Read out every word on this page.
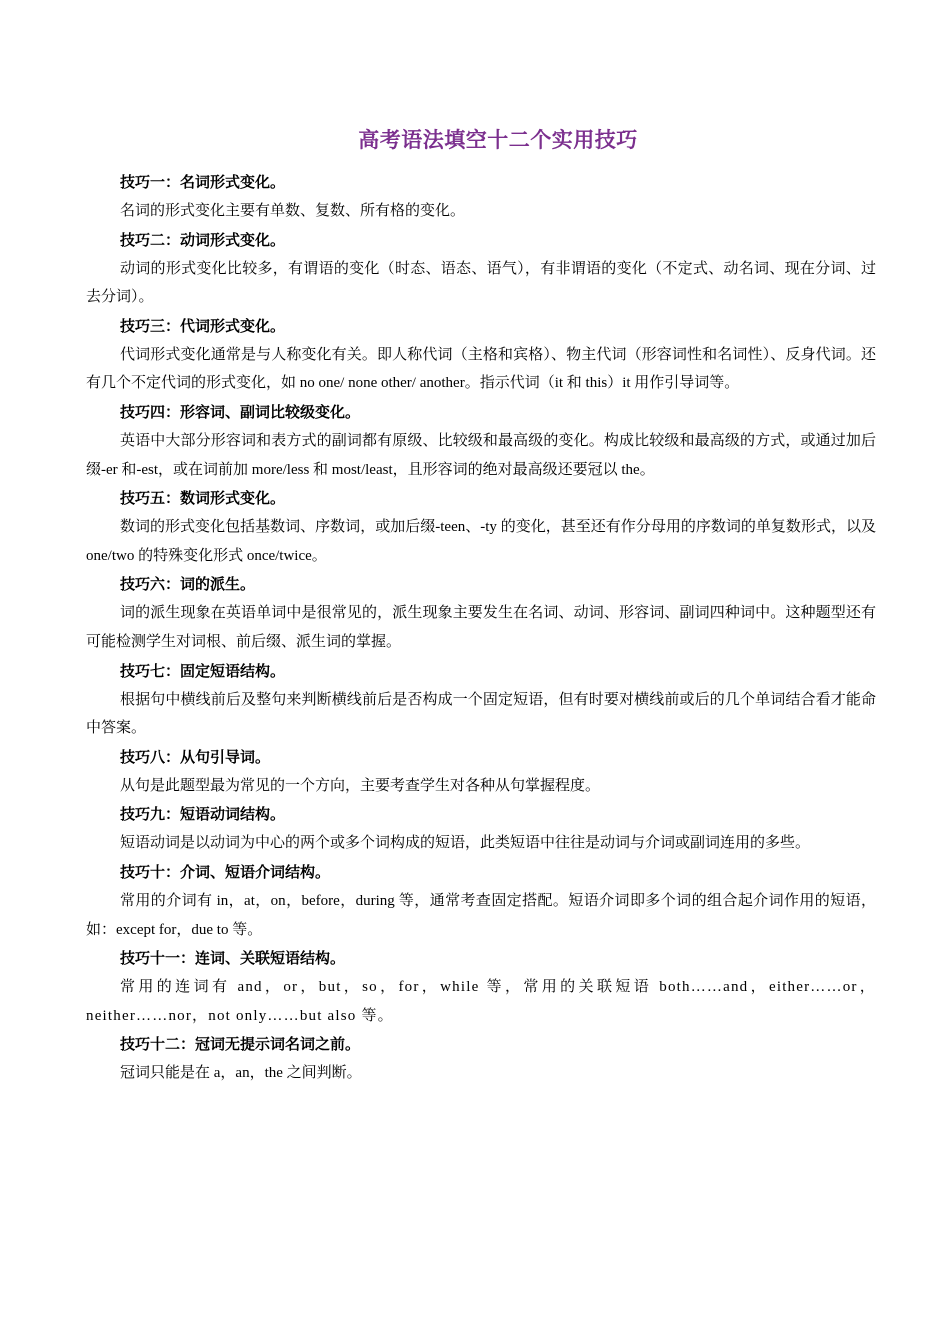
高考语法填空十二个实用技巧
技巧一：名词形式变化。

名词的形式变化主要有单数、复数、所有格的变化。

技巧二：动词形式变化。

动词的形式变化比较多，有谓语的变化（时态、语态、语气），有非谓语的变化（不定式、动名词、现在分词、过去分词）。

技巧三：代词形式变化。

代词形式变化通常是与人称变化有关。即人称代词（主格和宾格）、物主代词（形容词性和名词性）、反身代词。还有几个不定代词的形式变化，如 no one/ none other/ another。指示代词（it 和 this）it 用作引导词等。

技巧四：形容词、副词比较级变化。

英语中大部分形容词和表方式的副词都有原级、比较级和最高级的变化。构成比较级和最高级的方式，或通过加后缀-er 和-est，或在词前加 more/less 和 most/least，且形容词的绝对最高级还要冠以 the。

技巧五：数词形式变化。

数词的形式变化包括基数词、序数词，或加后缀-teen、-ty 的变化，甚至还有作分母用的序数词的单复数形式，以及 one/two 的特殊变化形式 once/twice。

技巧六：词的派生。

词的派生现象在英语单词中是很常见的，派生现象主要发生在名词、动词、形容词、副词四种词中。这种题型还有可能检测学生对词根、前后缀、派生词的掌握。

技巧七：固定短语结构。

根据句中横线前后及整句来判断横线前后是否构成一个固定短语，但有时要对横线前或后的几个单词结合看才能命中答案。

技巧八：从句引导词。

从句是此题型最为常见的一个方向，主要考查学生对各种从句掌握程度。

技巧九：短语动词结构。

短语动词是以动词为中心的两个或多个词构成的短语，此类短语中往往是动词与介词或副词连用的多些。

技巧十：介词、短语介词结构。

常用的介词有 in，at，on，before，during 等，通常考查固定搭配。短语介词即多个词的组合起介词作用的短语，如：except for，due to 等。

技巧十一：连词、关联短语结构。

常用的连词有 and，or，but，so，for，while 等，常用的关联短语 both……and，either……or，neither……nor，not only……but also 等。

技巧十二：冠词无提示词名词之前。

冠词只能是在 a，an，the 之间判断。
